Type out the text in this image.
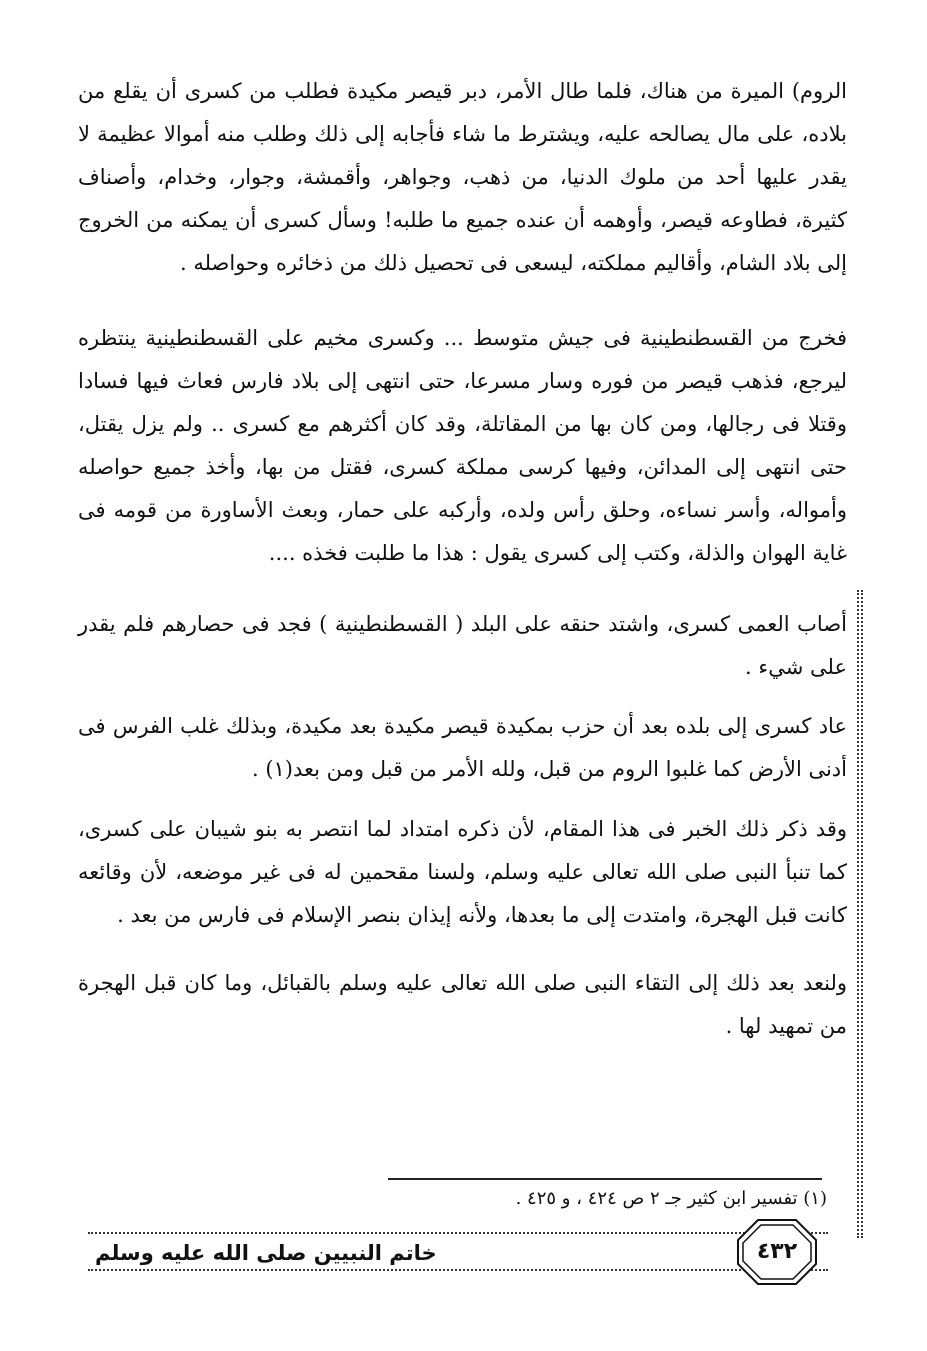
الروم) الميرة من هناك، فلما طال الأمر، دبر قيصر مكيدة فطلب من كسرى أن يقلع من بلاده، على مال يصالحه عليه، ويشترط ما شاء فأجابه إلى ذلك وطلب منه أموالا عظيمة لا يقدر عليها أحد من ملوك الدنيا، من ذهب، وجواهر، وأقمشة، وجوار، وخدام، وأصناف كثيرة، فطاوعه قيصر، وأوهمه أن عنده جميع ما طلبه! وسأل كسرى أن يمكنه من الخروج إلى بلاد الشام، وأقاليم مملكته، ليسعى فى تحصيل ذلك من ذخائره وحواصله .

فخرج من القسطنطينية فى جيش متوسط ... وكسرى مخيم على القسطنطينية ينتظره ليرجع، فذهب قيصر من فوره وسار مسرعا، حتى انتهى إلى بلاد فارس فعاث فيها فسادا وقتلا فى رجالها، ومن كان بها من المقاتلة، وقد كان أكثرهم مع كسرى .. ولم يزل يقتل، حتى انتهى إلى المدائن، وفيها كرسى مملكة كسرى، فقتل من بها، وأخذ جميع حواصله وأمواله، وأسر نساءه، وحلق رأس ولده، وأركبه على حمار، وبعث الأساورة من قومه فى غاية الهوان والذلة، وكتب إلى كسرى يقول : هذا ما طلبت فخذه ....

أصاب العمى كسرى، واشتد حنقه على البلد ( القسطنطينية ) فجد فى حصارهم فلم يقدر على شيء .

عاد كسرى إلى بلده بعد أن حزب بمكيدة قيصر مكيدة بعد مكيدة، وبذلك غلب الفرس فى أدنى الأرض كما غلبوا الروم من قبل، ولله الأمر من قبل ومن بعد(١) .

وقد ذكر ذلك الخبر فى هذا المقام، لأن ذكره امتداد لما انتصر به بنو شيبان على كسرى، كما تنبأ النبى صلى الله تعالى عليه وسلم، ولسنا مقحمين له فى غير موضعه، لأن وقائعه كانت قبل الهجرة، وامتدت إلى ما بعدها، ولأنه إيذان بنصر الإسلام فى فارس من بعد .

ولنعد بعد ذلك إلى التقاء النبى صلى الله تعالى عليه وسلم بالقبائل، وما كان قبل الهجرة من تمهيد لها .

(١) تفسير ابن كثير جـ ٢ ص ٤٢٤ ، و ٤٢٥ .

خاتم النبيين صلى الله عليه وسلم	٤٣٢
